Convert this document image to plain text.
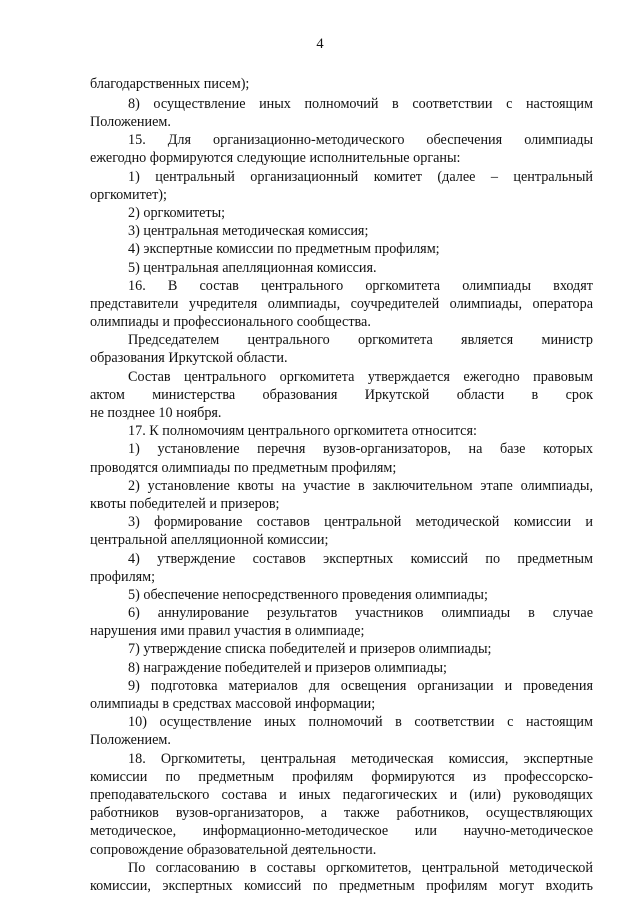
4
благодарственных писем);
8) осуществление иных полномочий в соответствии с настоящим
Положением.
15. Для организационно-методического обеспечения олимпиады
ежегодно формируются следующие исполнительные органы:
1) центральный организационный комитет (далее – центральный
оргкомитет);
2) оргкомитеты;
3) центральная методическая комиссия;
4) экспертные комиссии по предметным профилям;
5) центральная апелляционная комиссия.
16. В состав центрального оргкомитета олимпиады входят
представители учредителя олимпиады, соучредителей олимпиады, оператора
олимпиады и профессионального сообщества.
Председателем центрального оргкомитета является министр
образования Иркутской области.
Состав центрального оргкомитета утверждается ежегодно правовым
актом министерства образования Иркутской области в срок
не позднее 10 ноября.
17. К полномочиям центрального оргкомитета относится:
1) установление перечня вузов-организаторов, на базе которых
проводятся олимпиады по предметным профилям;
2) установление квоты на участие в заключительном этапе олимпиады,
квоты победителей и призеров;
3) формирование составов центральной методической комиссии и
центральной апелляционной комиссии;
4) утверждение составов экспертных комиссий по предметным
профилям;
5) обеспечение непосредственного проведения олимпиады;
6) аннулирование результатов участников олимпиады в случае
нарушения ими правил участия в олимпиаде;
7) утверждение списка победителей и призеров олимпиады;
8) награждение победителей и призеров олимпиады;
9) подготовка материалов для освещения организации и проведения
олимпиады в средствах массовой информации;
10) осуществление иных полномочий в соответствии с настоящим
Положением.
18. Оргкомитеты, центральная методическая комиссия, экспертные
комиссии по предметным профилям формируются из профессорско-
преподавательского состава и иных педагогических и (или) руководящих
работников вузов-организаторов, а также работников, осуществляющих
методическое, информационно-методическое или научно-методическое
сопровождение образовательной деятельности.
По согласованию в составы оргкомитетов, центральной методической
комиссии, экспертных комиссий по предметным профилям могут входить
